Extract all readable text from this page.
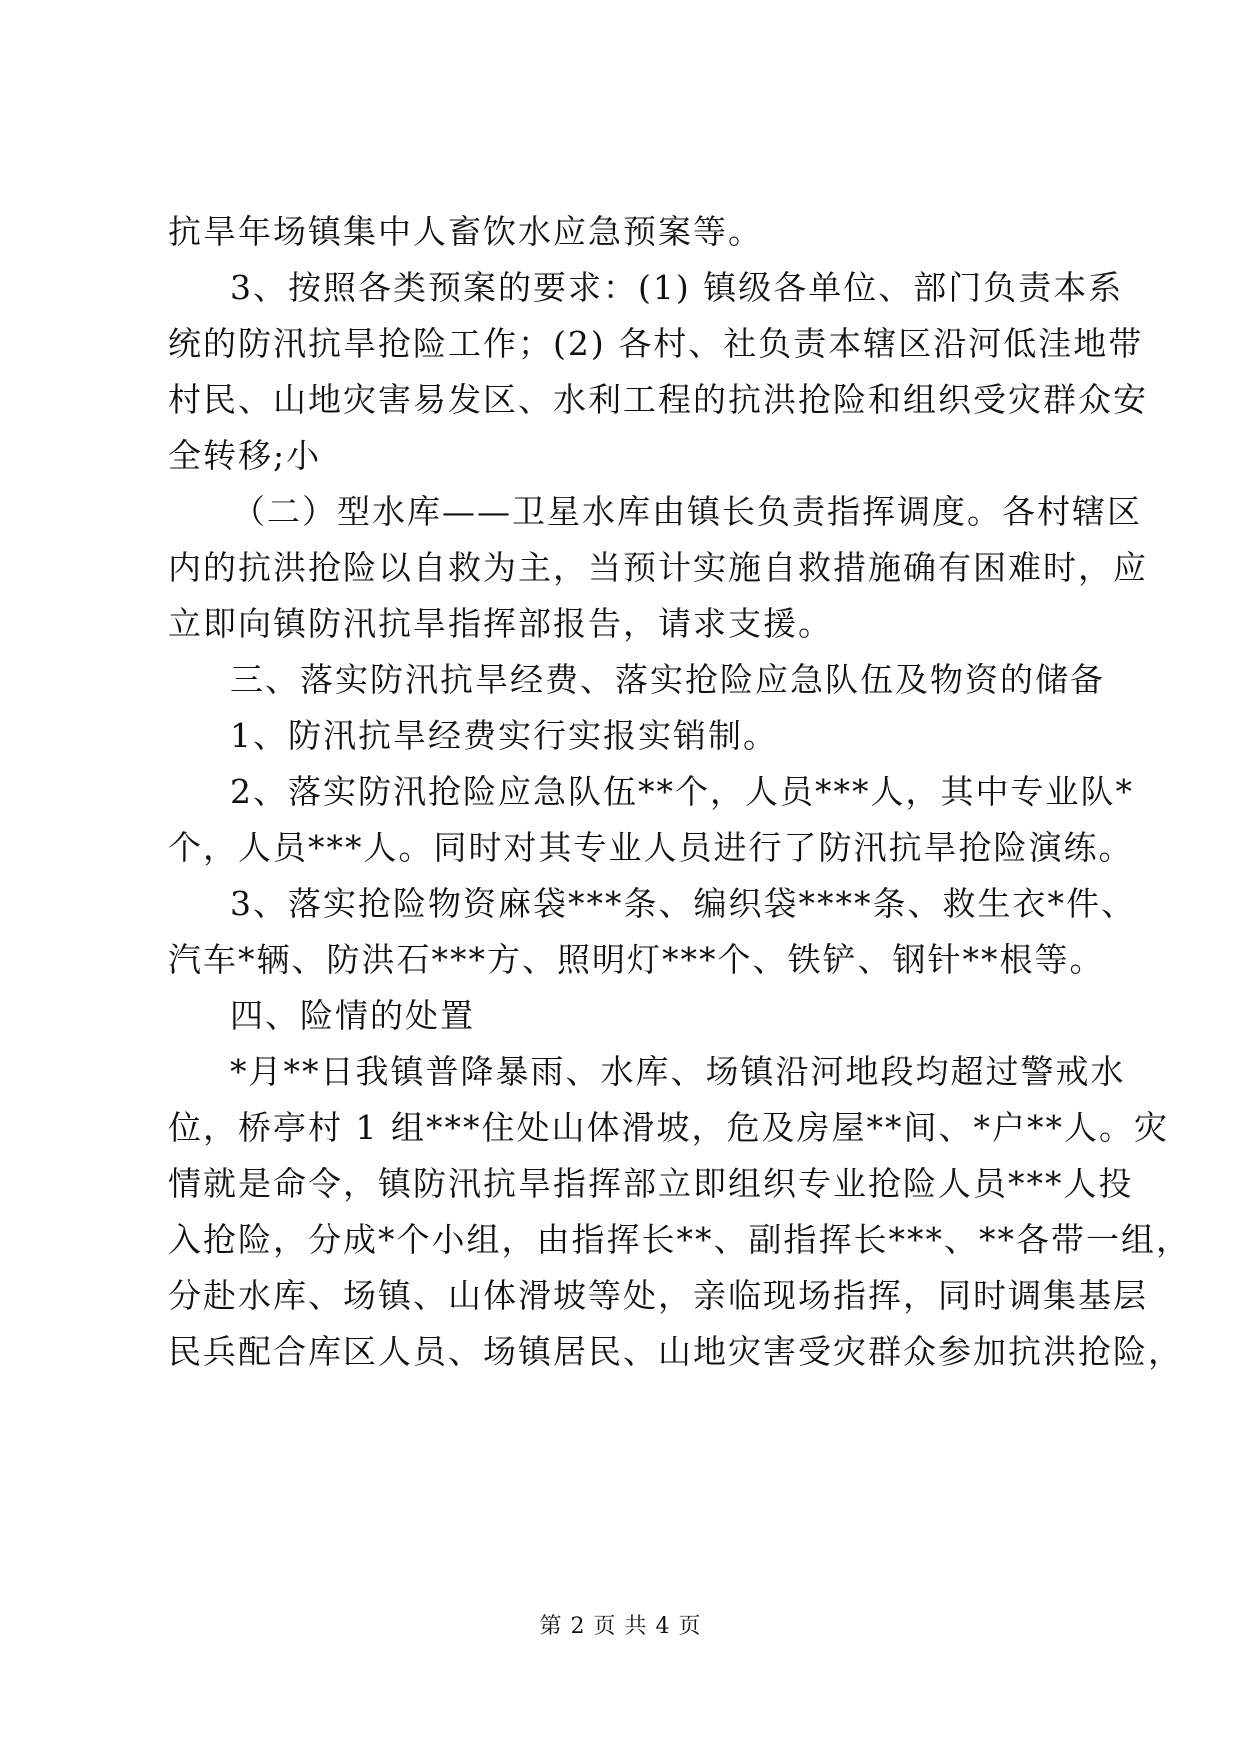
抗旱年场镇集中人畜饮水应急预案等。
3、按照各类预案的要求：(1) 镇级各单位、部门负责本系
统的防汛抗旱抢险工作；(2) 各村、社负责本辖区沿河低洼地带
村民、山地灾害易发区、水利工程的抗洪抢险和组织受灾群众安
全转移;小
（二）型水库——卫星水库由镇长负责指挥调度。各村辖区
内的抗洪抢险以自救为主，当预计实施自救措施确有困难时，应
立即向镇防汛抗旱指挥部报告，请求支援。
三、落实防汛抗旱经费、落实抢险应急队伍及物资的储备
1、防汛抗旱经费实行实报实销制。
2、落实防汛抢险应急队伍**个，人员***人，其中专业队*
个，人员***人。同时对其专业人员进行了防汛抗旱抢险演练。
3、落实抢险物资麻袋***条、编织袋****条、救生衣*件、
汽车*辆、防洪石***方、照明灯***个、铁铲、钢针**根等。
四、险情的处置
*月**日我镇普降暴雨、水库、场镇沿河地段均超过警戒水
位，桥亭村 1 组***住处山体滑坡，危及房屋**间、*户**人。灾
情就是命令，镇防汛抗旱指挥部立即组织专业抢险人员***人投
入抢险，分成*个小组，由指挥长**、副指挥长***、**各带一组，
分赴水库、场镇、山体滑坡等处，亲临现场指挥，同时调集基层
民兵配合库区人员、场镇居民、山地灾害受灾群众参加抗洪抢险，
第 2 页 共 4 页
